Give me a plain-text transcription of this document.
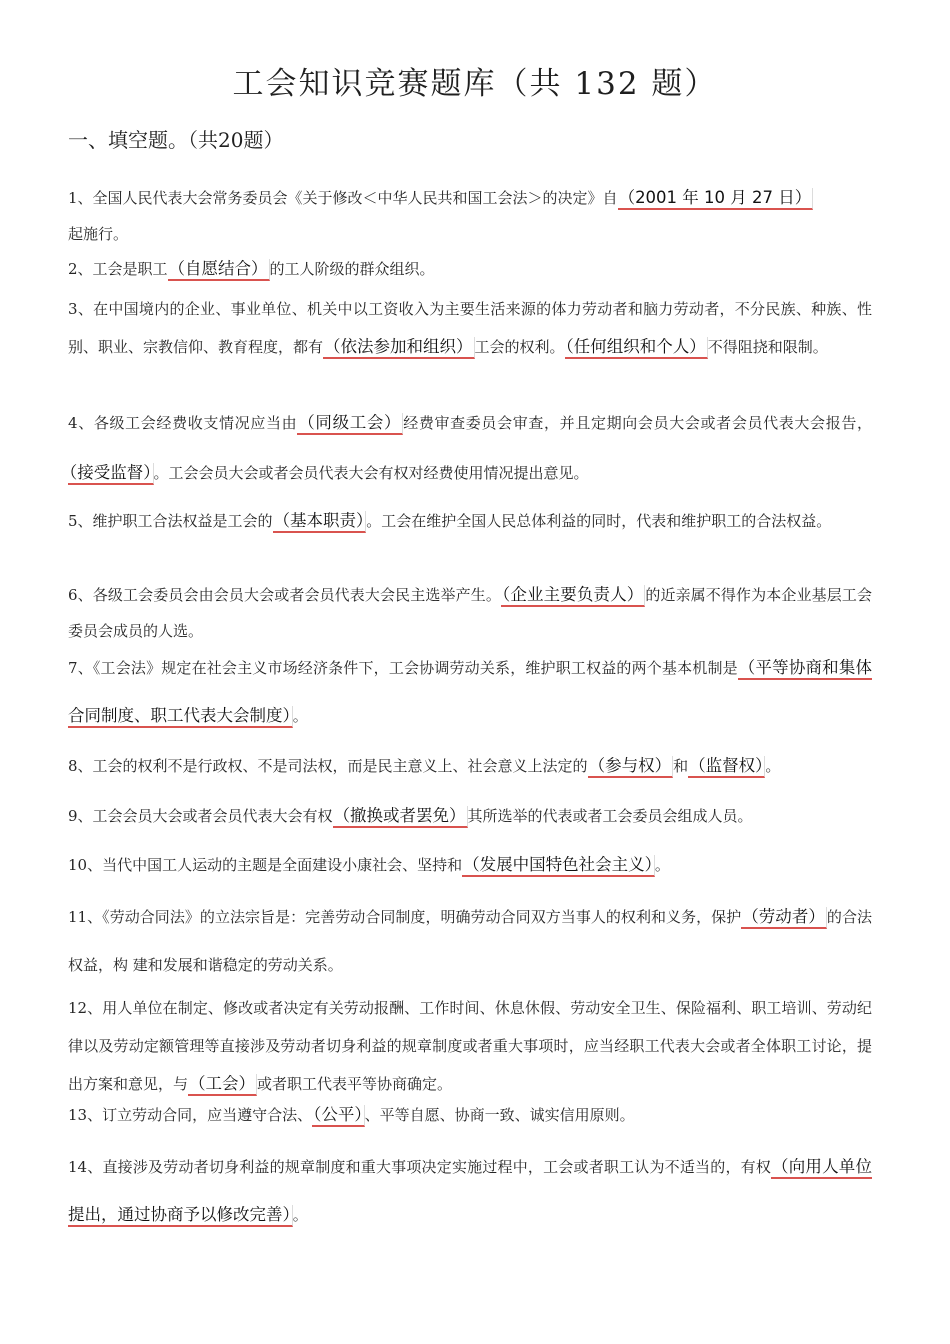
工会知识竞赛题库（共 132 题）
一、填空题。（共20题）
1、全国人民代表大会常务委员会《关于修改＜中华人民共和国工会法＞的决定》自（2001 年 10 月 27 日）
起施行。
2、工会是职工（自愿结合） 的工人阶级的群众组织。
3、在中国境内的企业、事业单位、机关中以工资收入为主要生活来源的体力劳动者和脑力劳动者，不分民族、种族、性别、职业、宗教信仰、教育程度，都有（依法参加和组织） 工会的权利。（任何组织和个人） 不得阻挠和限制。
4、各级工会经费收支情况应当由（同级工会） 经费审查委员会审查，并且定期向会员大会或者会员代表大会报告，（接受监督） 。工会会员大会或者会员代表大会有权对经费使用情况提出意见。
5、维护职工合法权益是工会的（基本职责） 。工会在维护全国人民总体利益的同时，代表和维护职工的合法权益。
6、各级工会委员会由会员大会或者会员代表大会民主选举产生。（企业主要负责人） 的近亲属不得作为本企业基层工会委员会成员的人选。
7、《工会法》规定在社会主义市场经济条件下，工会协调劳动关系，维护职工权益的两个基本机制是（平等协商和集体合同制度、职工代表大会制度） 。
8、工会的权利不是行政权、不是司法权，而是民主意义上、社会意义上法定的（参与权） 和（监督权） 。
9、工会会员大会或者会员代表大会有权（撤换或者罢免） 其所选举的代表或者工会委员会组成人员。
10、当代中国工人运动的主题是全面建设小康社会、坚持和（发展中国特色社会主义） 。
11、《劳动合同法》的立法宗旨是：完善劳动合同制度，明确劳动合同双方当事人的权利和义务，保护（劳动者） 的合法权益，构 建和发展和谐稳定的劳动关系。
12、用人单位在制定、修改或者决定有关劳动报酬、工作时间、休息休假、劳动安全卫生、保险福利、职工培训、劳动纪律以及劳动定额管理等直接涉及劳动者切身利益的规章制度或者重大事项时，应当经职工代表大会或者全体职工讨论，提出方案和意见，与（工会） 或者职工代表平等协商确定。
13、订立劳动合同，应当遵守合法、（公平） 、平等自愿、协商一致、诚实信用原则。
14、直接涉及劳动者切身利益的规章制度和重大事项决定实施过程中，工会或者职工认为不适当的，有权（向用人单位提出，通过协商予以修改完善） 。
